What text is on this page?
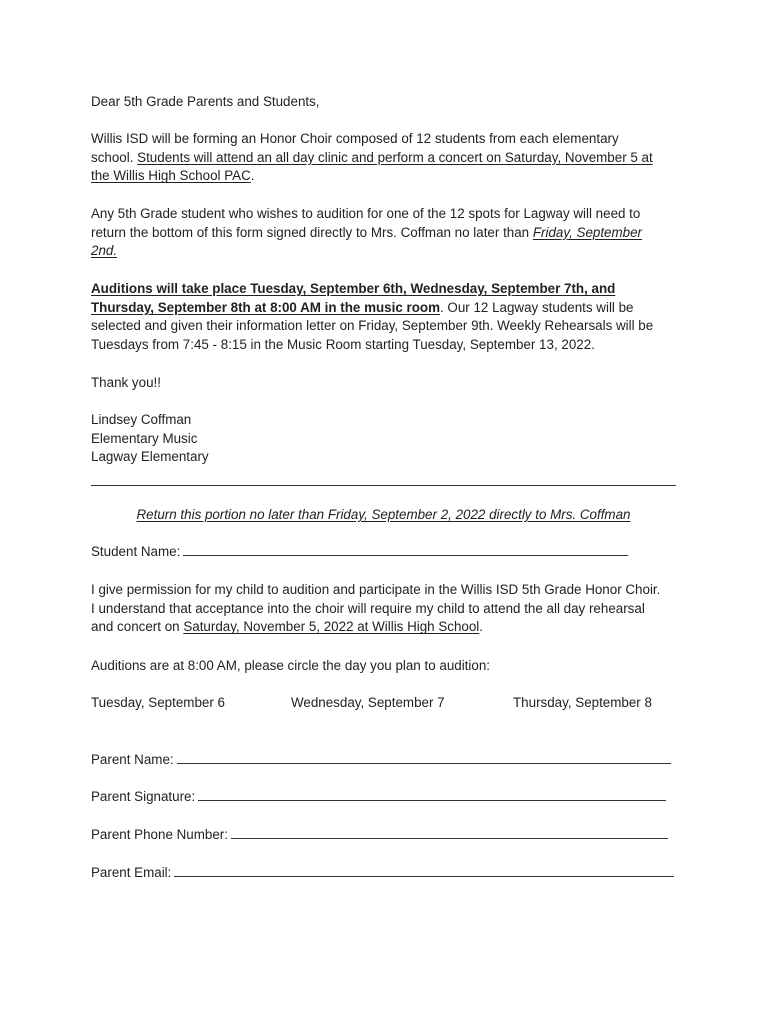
Dear 5th Grade Parents and Students,

Willis ISD will be forming an Honor Choir composed of 12 students from each elementary
school. Students will attend an all day clinic and perform a concert on Saturday, November 5 at
the Willis High School PAC.

Any 5th Grade student who wishes to audition for one of the 12 spots for Lagway will need to
return the bottom of this form signed directly to Mrs. Coffman no later than Friday, September
2nd.

Auditions will take place Tuesday, September 6th, Wednesday, September 7th, and
Thursday, September 8th at 8:00 AM in the music room. Our 12 Lagway students will be
selected and given their information letter on Friday, September 9th. Weekly Rehearsals will be
Tuesdays from 7:45 - 8:15 in the Music Room starting Tuesday, September 13, 2022.

Thank you!!

Lindsey Coffman
Elementary Music
Lagway Elementary

Return this portion no later than Friday, September 2, 2022 directly to Mrs. Coffman
Student Name:

I give permission for my child to audition and participate in the Willis ISD 5th Grade Honor Choir.
I understand that acceptance into the choir will require my child to attend the all day rehearsal
and concert on Saturday, November 5, 2022 at Willis High School.

Auditions are at 8:00 AM, please circle the day you plan to audition:

Tuesday, September 6	Wednesday, September 7	Thursday, September 8
Parent Name:
Parent Signature:
Parent Phone Number:
Parent Email:
